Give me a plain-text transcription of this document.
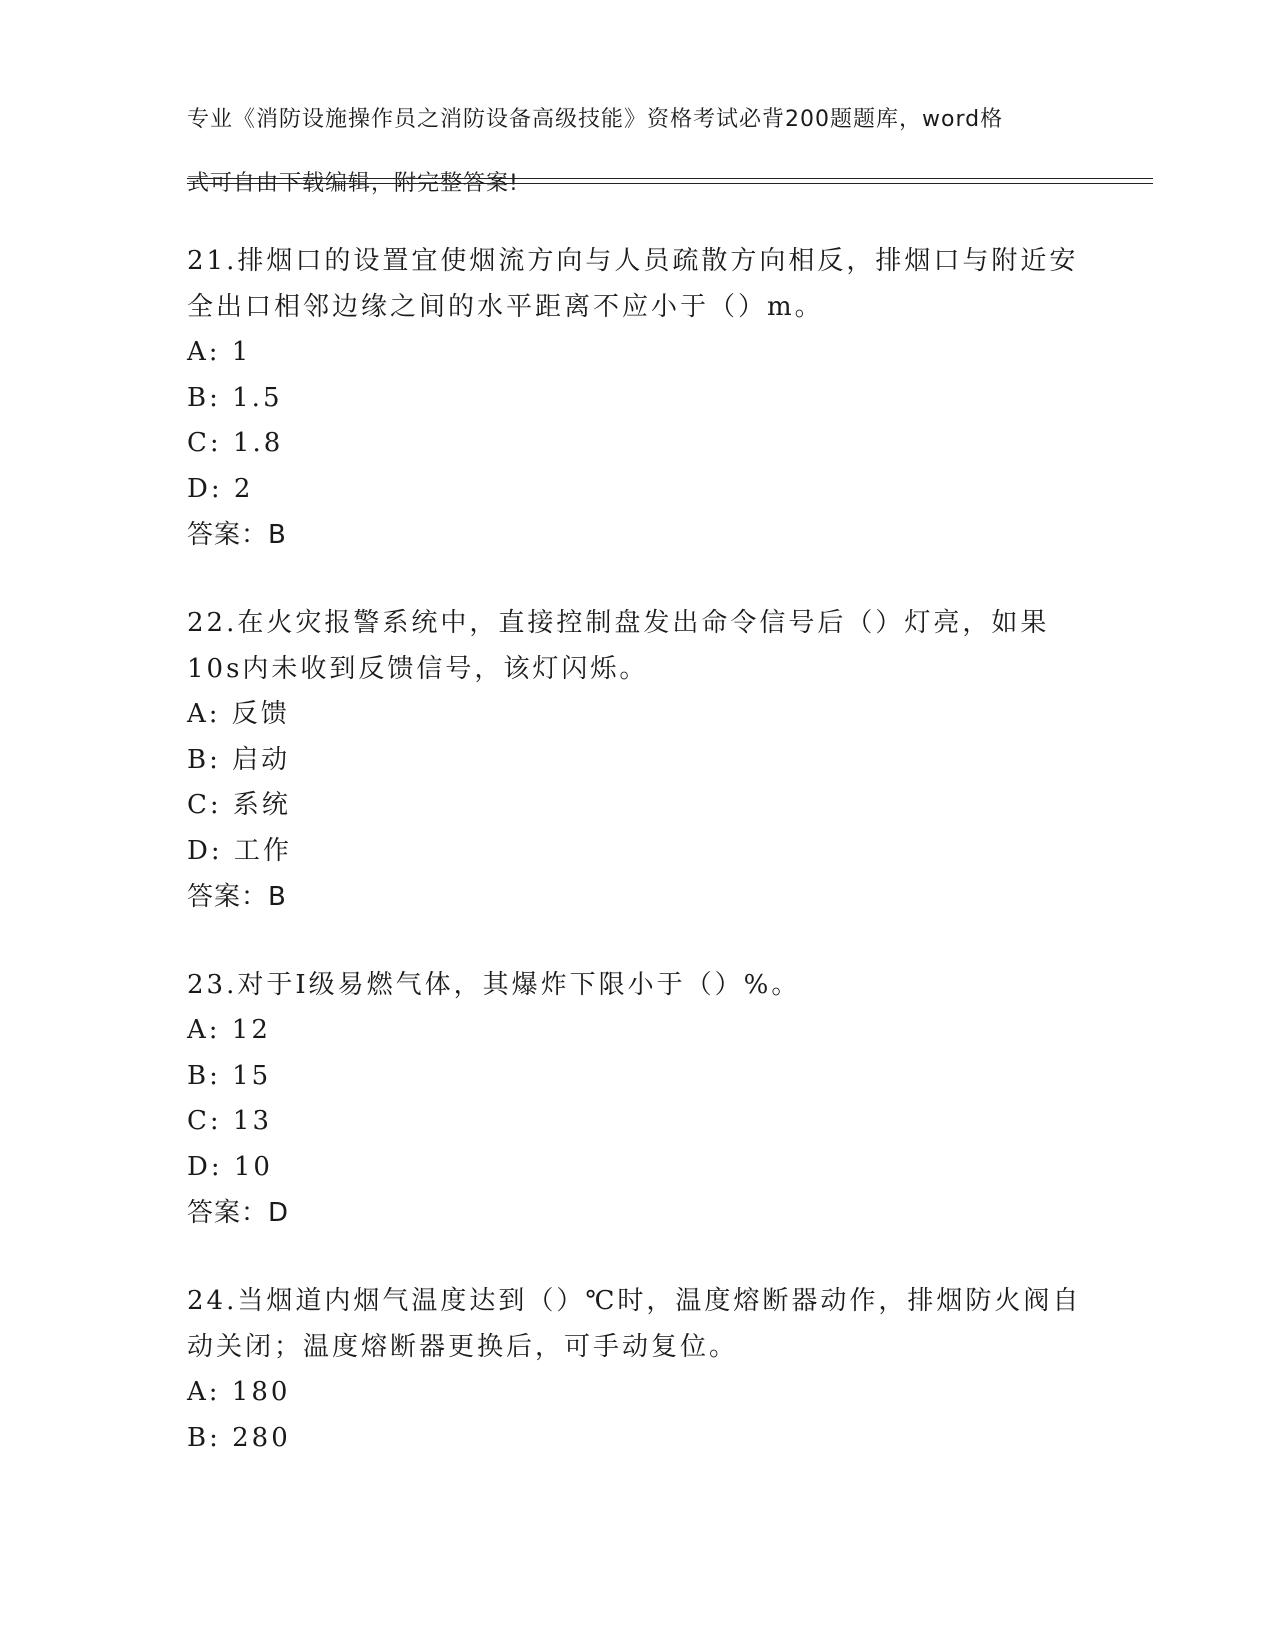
专业《消防设施操作员之消防设备高级技能》资格考试必背200题题库，word格

式可自由下载编辑，附完整答案!

21.排烟口的设置宜使烟流方向与人员疏散方向相反，排烟口与附近安
全出口相邻边缘之间的水平距离不应小于（）m。
A: 1
B: 1.5
C: 1.8
D: 2
答案：B
22.在火灾报警系统中，直接控制盘发出命令信号后（）灯亮，如果
10s内未收到反馈信号，该灯闪烁。
A: 反馈
B: 启动
C: 系统
D: 工作
答案：B
23.对于Ⅰ级易燃气体，其爆炸下限小于（）%。
A: 12
B: 15
C: 13
D: 10
答案：D
24.当烟道内烟气温度达到（）℃时，温度熔断器动作，排烟防火阀自
动关闭；温度熔断器更换后，可手动复位。
A: 180
B: 280
